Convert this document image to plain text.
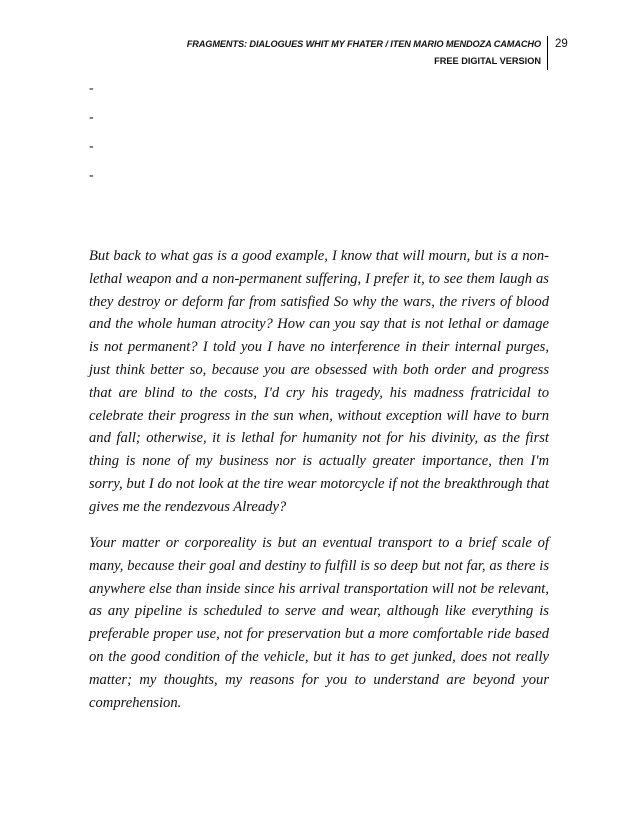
FRAGMENTS: DIALOGUES WHIT MY FHATER / ITEN MARIO MENDOZA CAMACHO
FREE DIGITAL VERSION
29
-
-
-
-

But back to what gas is a good example, I know that will mourn, but is a non-lethal weapon and a non-permanent suffering, I prefer it, to see them laugh as they destroy or deform far from satisfied So why the wars, the rivers of blood and the whole human atrocity? How can you say that is not lethal or damage is not permanent? I told you I have no interference in their internal purges, just think better so, because you are obsessed with both order and progress that are blind to the costs, I'd cry his tragedy, his madness fratricidal to celebrate their progress in the sun when, without exception will have to burn and fall; otherwise, it is lethal for humanity not for his divinity, as the first thing is none of my business nor is actually greater importance, then I'm sorry, but I do not look at the tire wear motorcycle if not the breakthrough that gives me the rendezvous Already?

Your matter or corporeality is but an eventual transport to a brief scale of many, because their goal and destiny to fulfill is so deep but not far, as there is anywhere else than inside since his arrival transportation will not be relevant, as any pipeline is scheduled to serve and wear, although like everything is preferable proper use, not for preservation but a more comfortable ride based on the good condition of the vehicle, but it has to get junked, does not really matter; my thoughts, my reasons for you to understand are beyond your comprehension.
